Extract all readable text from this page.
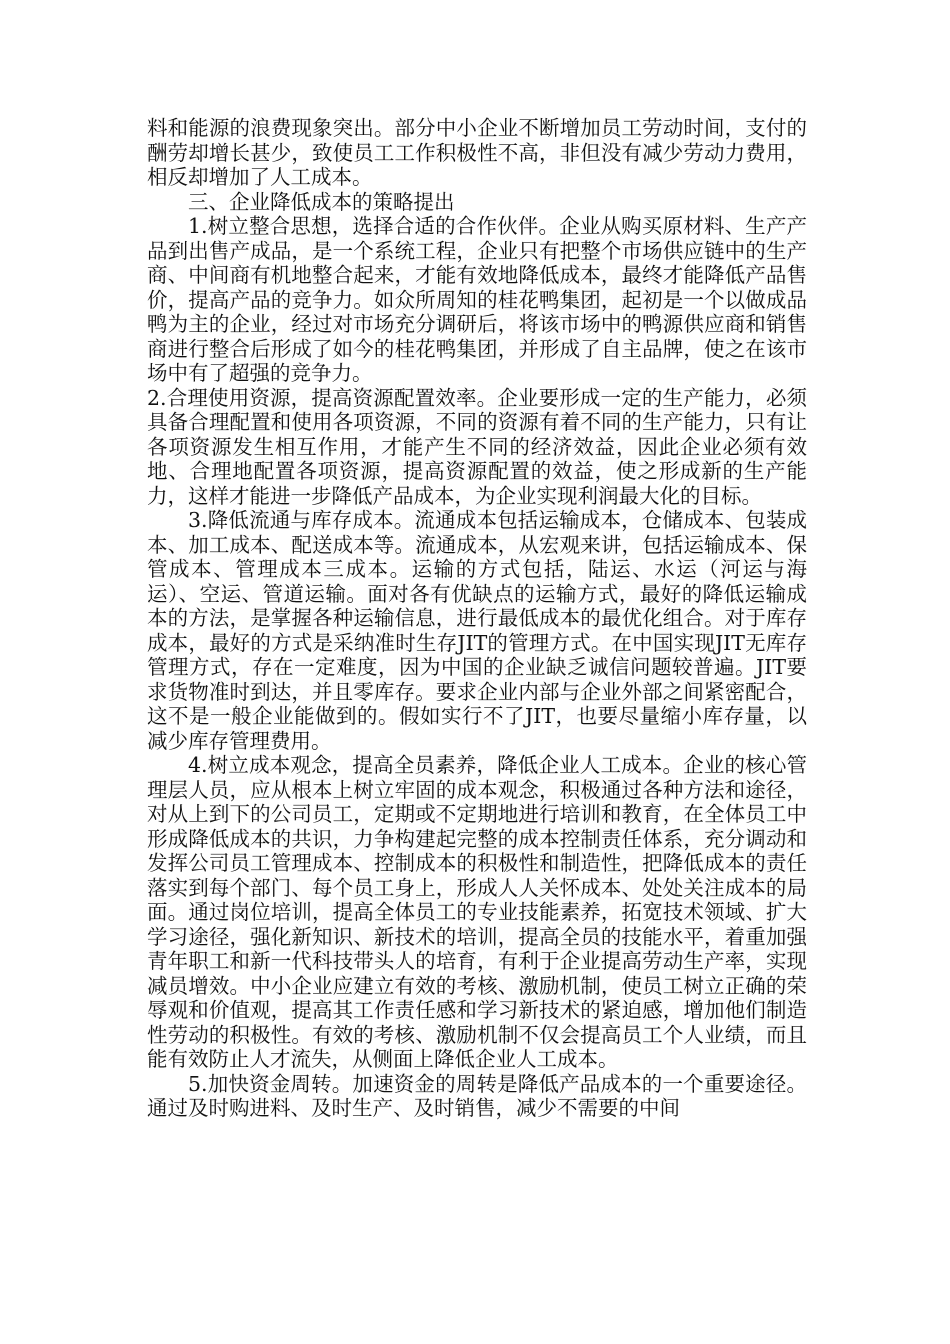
料和能源的浪费现象突出。部分中小企业不断增加员工劳动时间，支付的酬劳却增长甚少，致使员工工作积极性不高，非但没有减少劳动力费用，相反却增加了人工成本。

三、企业降低成本的策略提出

1.树立整合思想，选择合适的合作伙伴。企业从购买原材料、生产产品到出售产成品，是一个系统工程，企业只有把整个市场供应链中的生产商、中间商有机地整合起来，才能有效地降低成本，最终才能降低产品售价，提高产品的竞争力。如众所周知的桂花鸭集团，起初是一个以做成品鸭为主的企业，经过对市场充分调研后，将该市场中的鸭源供应商和销售商进行整合后形成了如今的桂花鸭集团，并形成了自主品牌，使之在该市场中有了超强的竞争力。

2.合理使用资源，提高资源配置效率。企业要形成一定的生产能力，必须具备合理配置和使用各项资源，不同的资源有着不同的生产能力，只有让各项资源发生相互作用，才能产生不同的经济效益，因此企业必须有效地、合理地配置各项资源，提高资源配置的效益，使之形成新的生产能力，这样才能进一步降低产品成本，为企业实现利润最大化的目标。

3.降低流通与库存成本。流通成本包括运输成本，仓储成本、包装成本、加工成本、配送成本等。流通成本，从宏观来讲，包括运输成本、保管成本、管理成本三成本。运输的方式包括，陆运、水运（河运与海运）、空运、管道运输。面对各有优缺点的运输方式，最好的降低运输成本的方法，是掌握各种运输信息，进行最低成本的最优化组合。对于库存成本，最好的方式是采纳准时生存JIT的管理方式。在中国实现JIT无库存管理方式，存在一定难度，因为中国的企业缺乏诚信问题较普遍。JIT要求货物准时到达，并且零库存。要求企业内部与企业外部之间紧密配合，这不是一般企业能做到的。假如实行不了JIT，也要尽量缩小库存量，以减少库存管理费用。

4.树立成本观念，提高全员素养，降低企业人工成本。企业的核心管理层人员，应从根本上树立牢固的成本观念，积极通过各种方法和途径，对从上到下的公司员工，定期或不定期地进行培训和教育，在全体员工中形成降低成本的共识，力争构建起完整的成本控制责任体系，充分调动和发挥公司员工管理成本、控制成本的积极性和制造性，把降低成本的责任落实到每个部门、每个员工身上，形成人人关怀成本、处处关注成本的局面。通过岗位培训，提高全体员工的专业技能素养，拓宽技术领域、扩大学习途径，强化新知识、新技术的培训，提高全员的技能水平，着重加强青年职工和新一代科技带头人的培育，有利于企业提高劳动生产率，实现减员增效。中小企业应建立有效的考核、激励机制，使员工树立正确的荣辱观和价值观，提高其工作责任感和学习新技术的紧迫感，增加他们制造性劳动的积极性。有效的考核、激励机制不仅会提高员工个人业绩，而且能有效防止人才流失，从侧面上降低企业人工成本。

5.加快资金周转。加速资金的周转是降低产品成本的一个重要途径。通过及时购进料、及时生产、及时销售，减少不需要的中间
